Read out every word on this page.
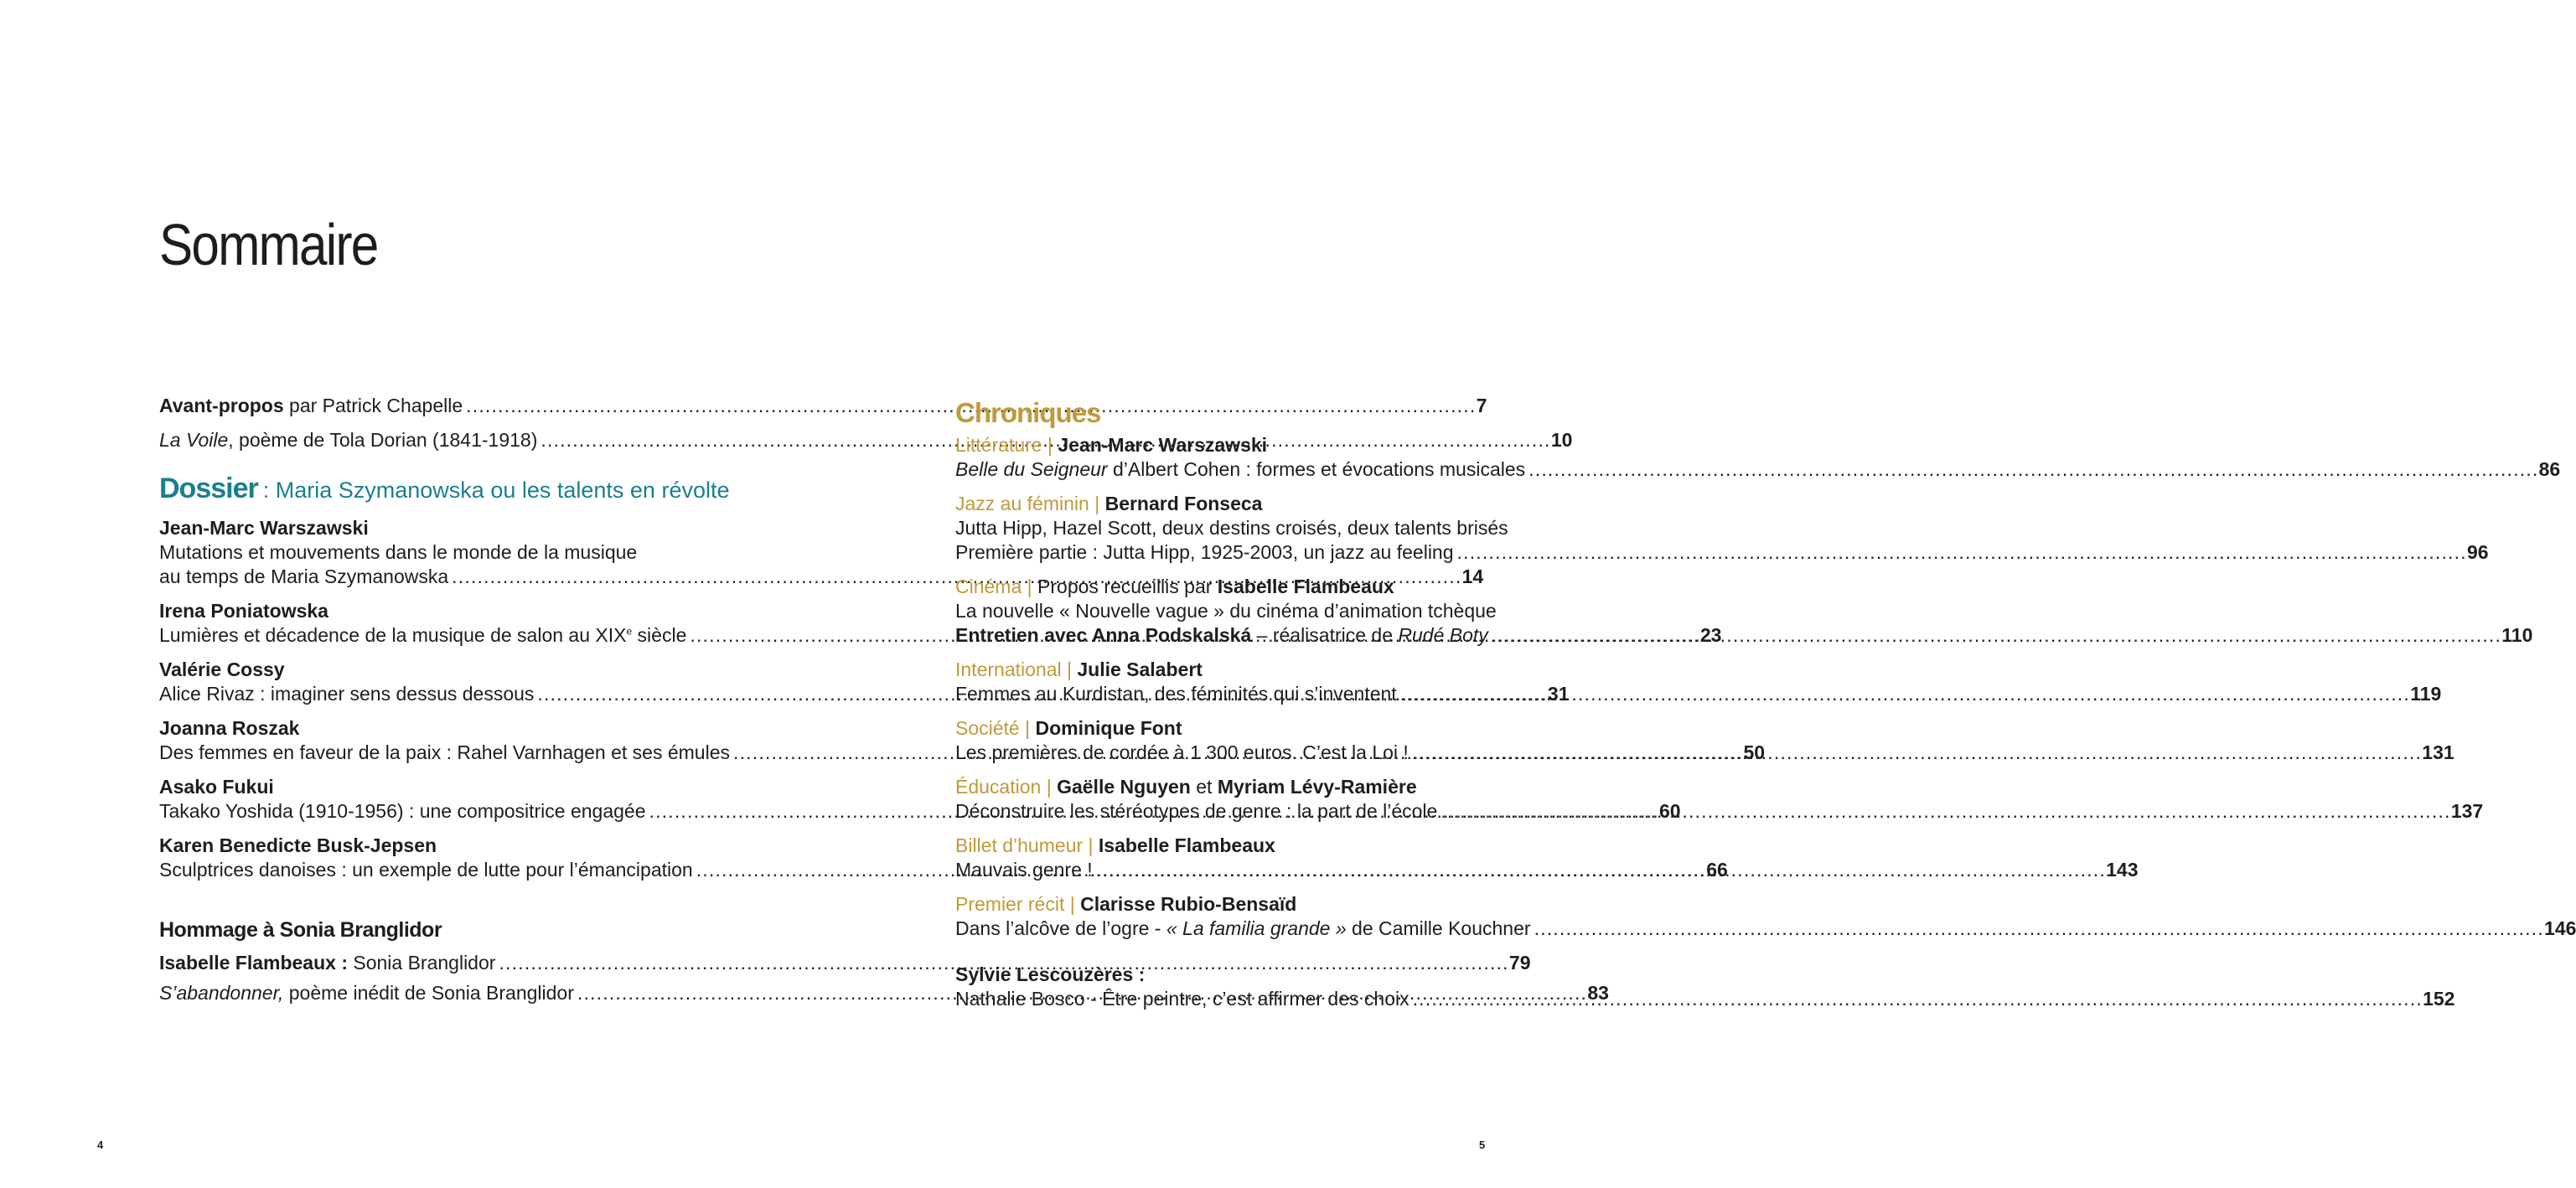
Sommaire
Avant-propos par Patrick Chapelle . . .	7
La Voile, poème de Tola Dorian (1841-1918) . . .	10
Dossier : Maria Szymanowska ou les talents en révolte
Jean-Marc Warszawski
Mutations et mouvements dans le monde de la musique
au temps de Maria Szymanowska . . .	14
Irena Poniatowska
Lumières et décadence de la musique de salon au XIXe siècle . . .	23
Valérie Cossy
Alice Rivaz : imaginer sens dessus dessous . . .	31
Joanna Roszak
Des femmes en faveur de la paix : Rahel Varnhagen et ses émules . . .	50
Asako Fukui
Takako Yoshida (1910-1956) : une compositrice engagée . . .	60
Karen Benedicte Busk-Jepsen
Sculptrices danoises : un exemple de lutte pour l’émancipation . . .	66
Hommage à Sonia Branglidor
Isabelle Flambeaux : Sonia Branglidor . . .	79
S’abandonner, poème inédit de Sonia Branglidor . . .	83
Chroniques
Littérature | Jean-Marc Warszawski
Belle du Seigneur d’Albert Cohen : formes et évocations musicales . . .	86
Jazz au féminin | Bernard Fonseca
Jutta Hipp, Hazel Scott, deux destins croisés, deux talents brisés
Première partie : Jutta Hipp, 1925-2003, un jazz au feeling . . .	96
Cinéma | Propos recueillis par Isabelle Flambeaux
La nouvelle « Nouvelle vague » du cinéma d’animation tchèque
Entretien avec Anna Podskalská – réalisatrice de Rudé Boty . . .	110
International | Julie Salabert
Femmes au Kurdistan, des féminités qui s’inventent . . .	119
Société | Dominique Font
Les premières de cordée à 1 300 euros. C’est la Loi ! . . .	131
Éducation | Gaëlle Nguyen et Myriam Lévy-Ramière
Déconstruire les stéréotypes de genre : la part de l’école . . .	137
Billet d’humeur | Isabelle Flambeaux
Mauvais genre ! . . .	143
Premier récit | Clarisse Rubio-Bensaïd
Dans l’alcôve de l’ogre - « La familia grande » de Camille Kouchner . . .	146
Sylvie Lescouzères :
Nathalie Bosco - Être peintre, c’est affirmer des choix . . .	152
4	5
